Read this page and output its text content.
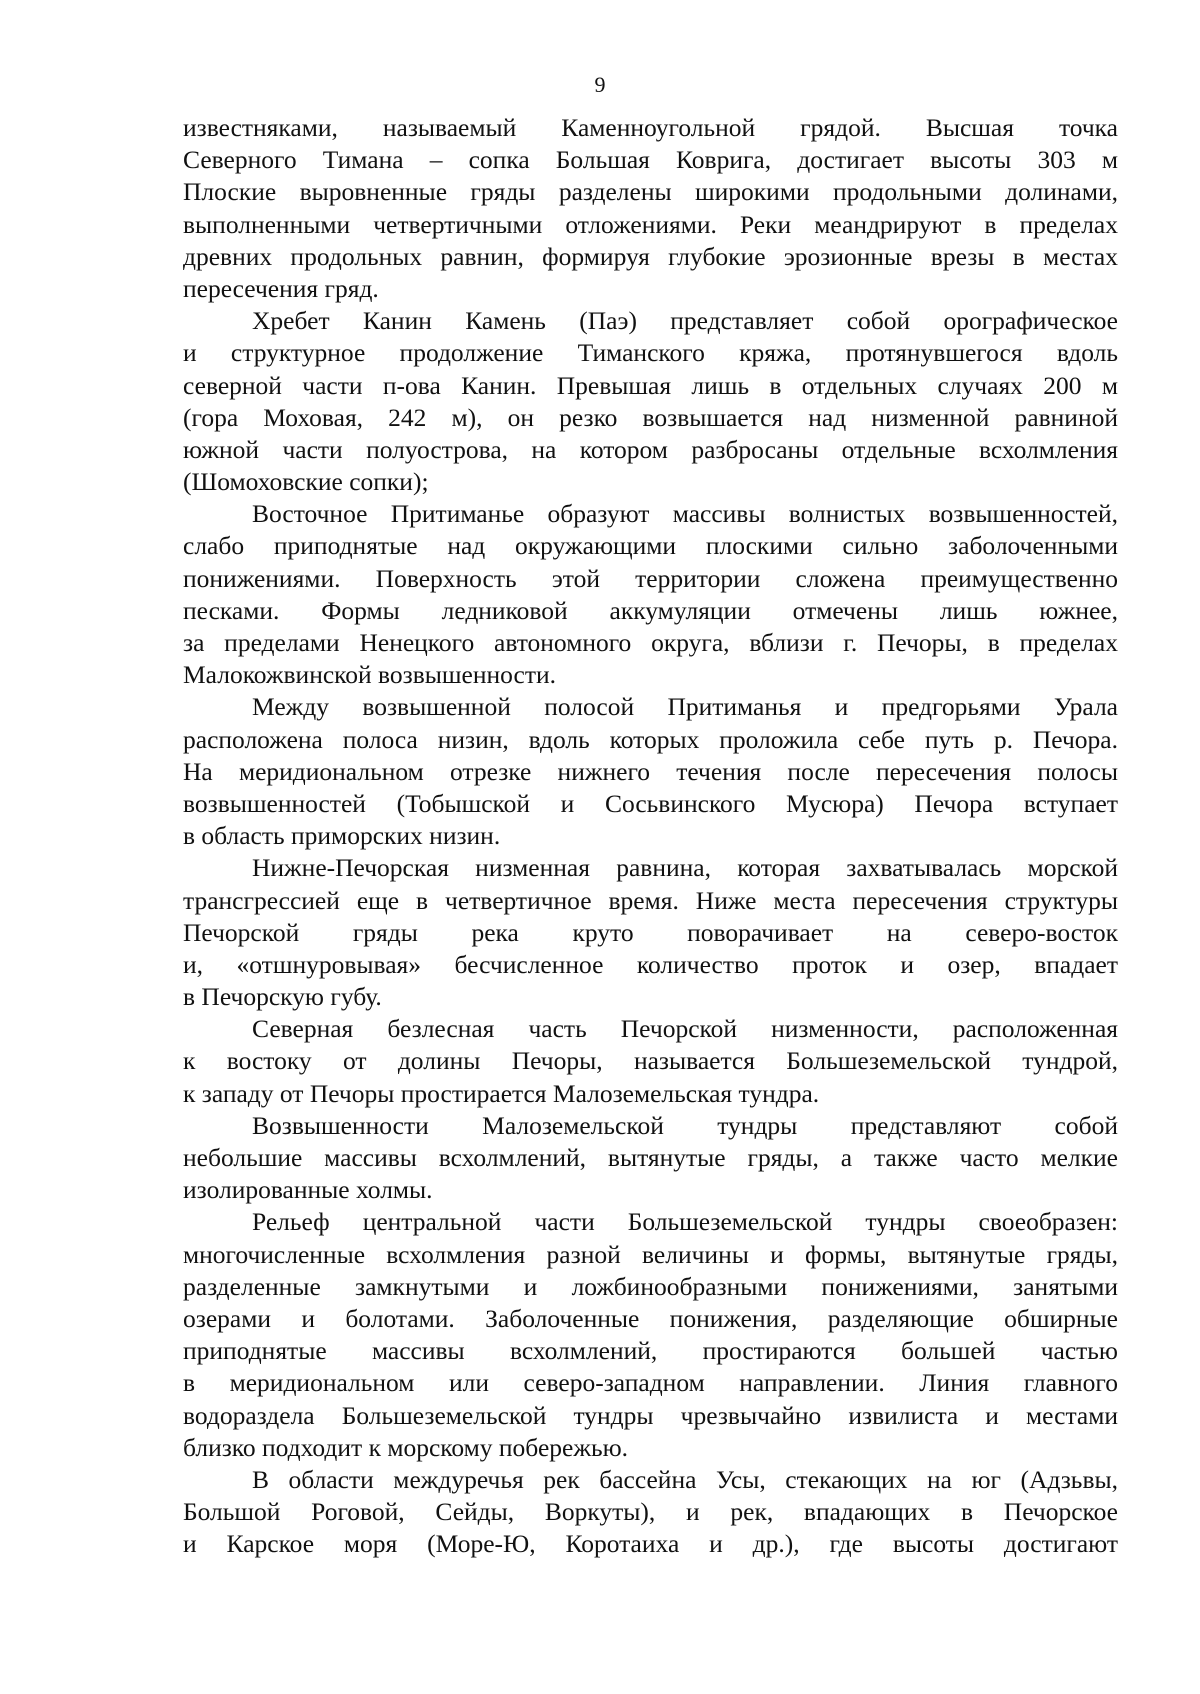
9
известняками, называемый Каменноугольной грядой. Высшая точка
Северного Тимана – сопка Большая Коврига, достигает высоты 303 м
Плоские выровненные гряды разделены широкими продольными долинами,
выполненными четвертичными отложениями. Реки меандрируют в пределах
древних продольных равнин, формируя глубокие эрозионные врезы в местах
пересечения гряд.
Хребет Канин Камень (Паэ) представляет собой орографическое
и структурное продолжение Тиманского кряжа, протянувшегося вдоль
северной части п-ова Канин. Превышая лишь в отдельных случаях 200 м
(гора Моховая, 242 м), он резко возвышается над низменной равниной
южной части полуострова, на котором разбросаны отдельные всхолмления
(Шомоховские сопки);
Восточное Притиманье образуют массивы волнистых возвышенностей,
слабо приподнятые над окружающими плоскими сильно заболоченными
понижениями. Поверхность этой территории сложена преимущественно
песками. Формы ледниковой аккумуляции отмечены лишь южнее,
за пределами Ненецкого автономного округа, вблизи г. Печоры, в пределах
Малокожвинской возвышенности.
Между возвышенной полосой Притиманья и предгорьями Урала
расположена полоса низин, вдоль которых проложила себе путь р. Печора.
На меридиональном отрезке нижнего течения после пересечения полосы
возвышенностей (Тобышской и Сосьвинского Мусюра) Печора вступает
в область приморских низин.
Нижне-Печорская низменная равнина, которая захватывалась морской
трансгрессией еще в четвертичное время. Ниже места пересечения структуры
Печорской гряды река круто поворачивает на северо-восток
и, «отшнуровывая» бесчисленное количество проток и озер, впадает
в Печорскую губу.
Северная безлесная часть Печорской низменности, расположенная
к востоку от долины Печоры, называется Большеземельской тундрой,
к западу от Печоры простирается Малоземельская тундра.
Возвышенности Малоземельской тундры представляют собой
небольшие массивы всхолмлений, вытянутые гряды, а также часто мелкие
изолированные холмы.
Рельеф центральной части Большеземельской тундры своеобразен:
многочисленные всхолмления разной величины и формы, вытянутые гряды,
разделенные замкнутыми и ложбинообразными понижениями, занятыми
озерами и болотами. Заболоченные понижения, разделяющие обширные
приподнятые массивы всхолмлений, простираются большей частью
в меридиональном или северо-западном направлении. Линия главного
водораздела Большеземельской тундры чрезвычайно извилиста и местами
близко подходит к морскому побережью.
В области междуречья рек бассейна Усы, стекающих на юг (Адзьвы,
Большой Роговой, Сейды, Воркуты), и рек, впадающих в Печорское
и Карское моря (Море-Ю, Коротаиха и др.), где высоты достигают
